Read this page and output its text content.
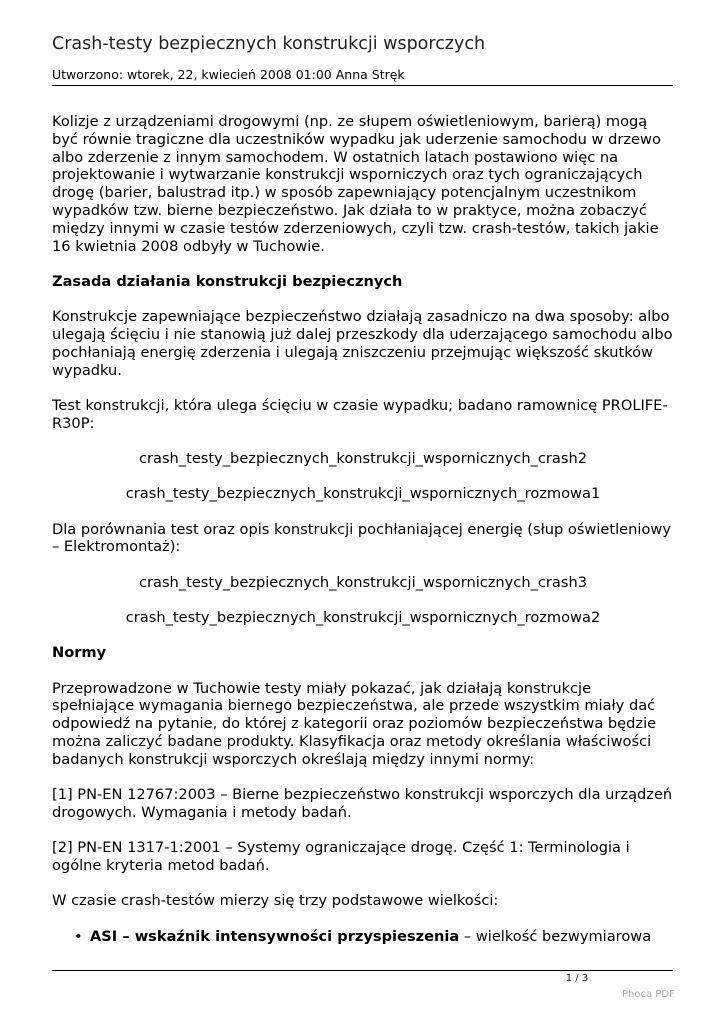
Crash-testy bezpiecznych konstrukcji wsporczych
Utworzono: wtorek, 22, kwiecień 2008 01:00 Anna Stręk

Kolizje z urządzeniami drogowymi (np. ze słupem oświetleniowym, barierą) mogą być równie tragiczne dla uczestników wypadku jak uderzenie samochodu w drzewo albo zderzenie z innym samochodem. W ostatnich latach postawiono więc na projektowanie i wytwarzanie konstrukcji wsporniczych oraz tych ograniczających drogę (barier, balustrad itp.) w sposób zapewniający potencjalnym uczestnikom wypadków tzw. bierne bezpieczeństwo. Jak działa to w praktyce, można zobaczyć między innymi w czasie testów zderzeniowych, czyli tzw. crash-testów, takich jakie 16 kwietnia 2008 odbyły w Tuchowie.

Zasada działania konstrukcji bezpiecznych

Konstrukcje zapewniające bezpieczeństwo działają zasadniczo na dwa sposoby: albo ulegają ścięciu i nie stanowią już dalej przeszkody dla uderzającego samochodu albo pochłaniają energię zderzenia i ulegają zniszczeniu przejmując większość skutków wypadku.

Test konstrukcji, która ulega ścięciu w czasie wypadku; badano ramownicę PROLIFE-R30P:

crash_testy_bezpiecznych_konstrukcji_wspornicznych_crash2

crash_testy_bezpiecznych_konstrukcji_wspornicznych_rozmowa1

Dla porównania test oraz opis konstrukcji pochłaniającej energię (słup oświetleniowy – Elektromontaż):

crash_testy_bezpiecznych_konstrukcji_wspornicznych_crash3

crash_testy_bezpiecznych_konstrukcji_wspornicznych_rozmowa2

Normy

Przeprowadzone w Tuchowie testy miały pokazać, jak działają konstrukcje spełniające wymagania biernego bezpieczeństwa, ale przede wszystkim miały dać odpowiedź na pytanie, do której z kategorii oraz poziomów bezpieczeństwa będzie można zaliczyć badane produkty. Klasyfikacja oraz metody określania właściwości badanych konstrukcji wsporczych określają między innymi normy:

[1] PN-EN 12767:2003 – Bierne bezpieczeństwo konstrukcji wsporczych dla urządzeń drogowych. Wymagania i metody badań.

[2] PN-EN 1317-1:2001 – Systemy ograniczające drogę. Część 1: Terminologia i ogólne kryteria metod badań.

W czasie crash-testów mierzy się trzy podstawowe wielkości:

• ASI – wskaźnik intensywności przyspieszenia – wielkość bezwymiarowa
1 / 3
Phoca PDF
